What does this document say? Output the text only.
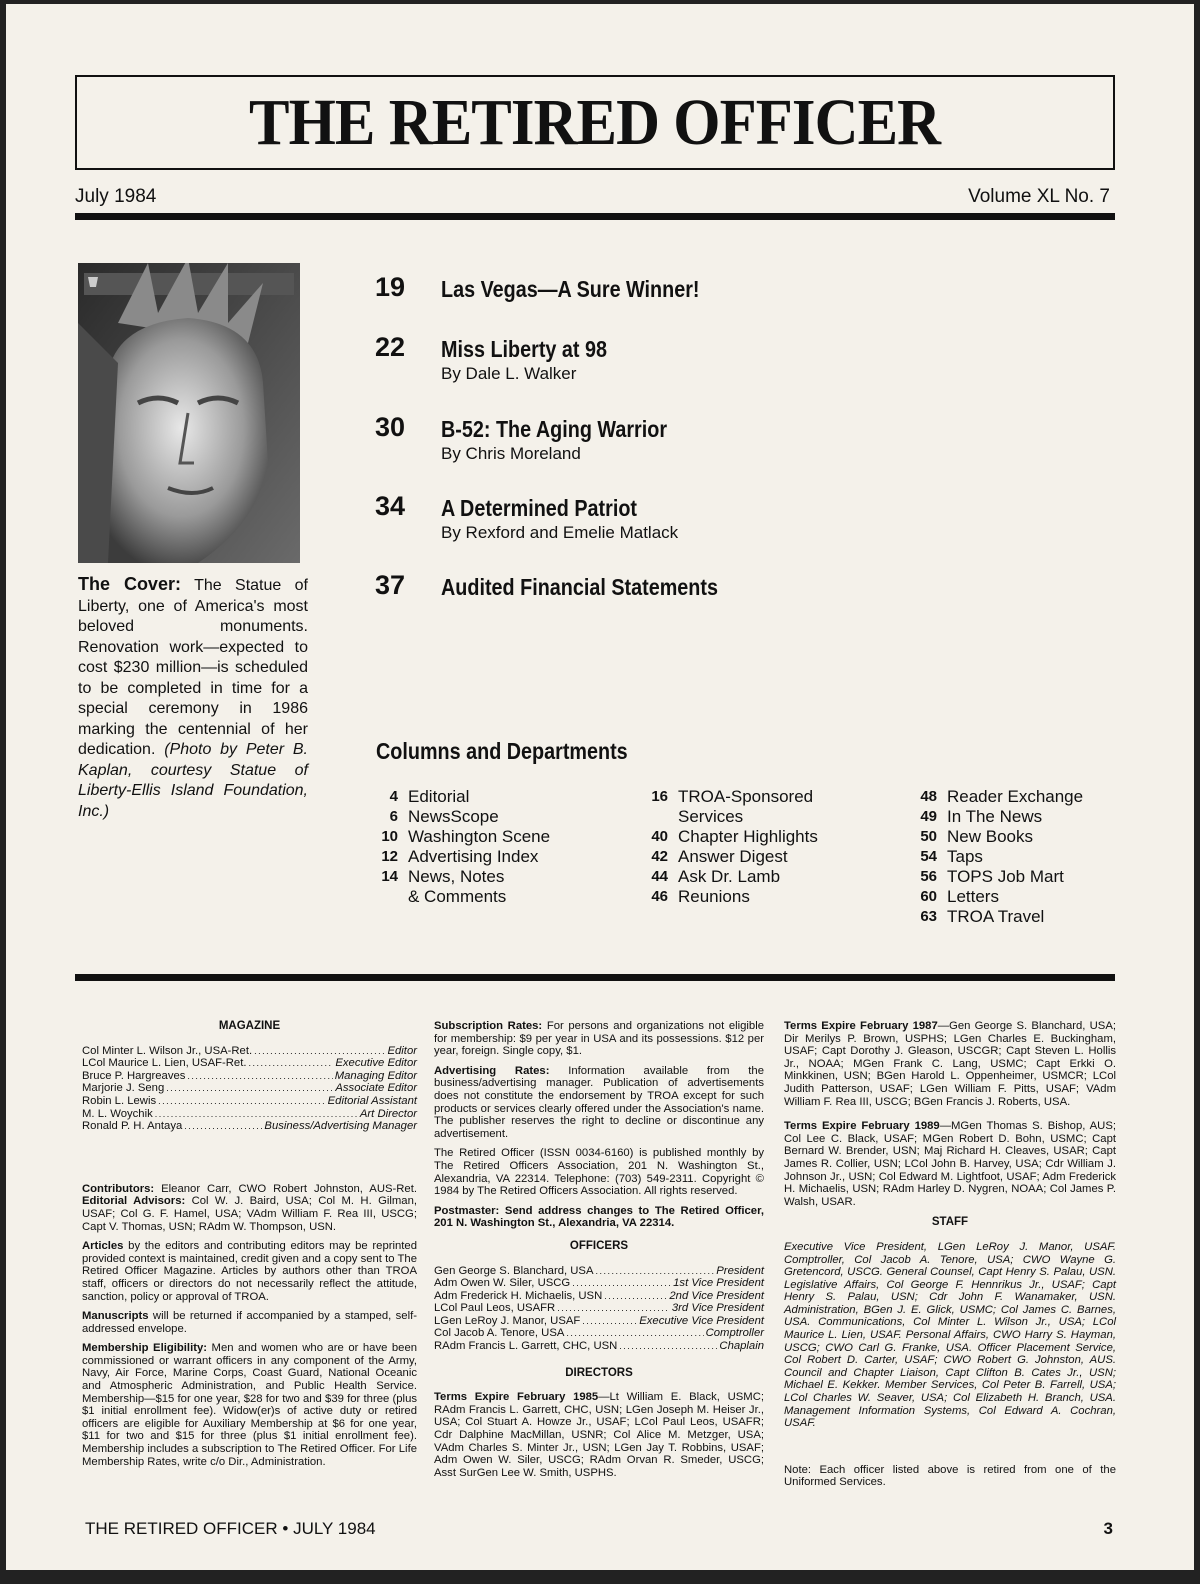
THE RETIRED OFFICER
July 1984	Volume XL No. 7
The Cover: The Statue of Liberty, one of America's most beloved monuments. Renovation work—expected to cost $230 million—is scheduled to be completed in time for a special ceremony in 1986 marking the centennial of her dedication. (Photo by Peter B. Kaplan, courtesy Statue of Liberty-Ellis Island Foundation, Inc.)
19	Las Vegas—A Sure Winner!
22	Miss Liberty at 98
By Dale L. Walker
30	B-52: The Aging Warrior
By Chris Moreland
34	A Determined Patriot
By Rexford and Emelie Matlack
37	Audited Financial Statements
Columns and Departments
4 Editorial
6 NewsScope
10 Washington Scene
12 Advertising Index
14 News, Notes & Comments
16 TROA-Sponsored Services
40 Chapter Highlights
42 Answer Digest
44 Ask Dr. Lamb
46 Reunions
48 Reader Exchange
49 In The News
50 New Books
54 Taps
56 TOPS Job Mart
60 Letters
63 TROA Travel
MAGAZINE
Col Minter L. Wilson Jr., USA-Ret. . . .	Editor
LCol Maurice L. Lien, USAF-Ret. . . .	Executive Editor
Bruce P. Hargreaves . . .	Managing Editor
Marjorie J. Seng . . .	Associate Editor
Robin L. Lewis . . .	Editorial Assistant
M. L. Woychik . . .	Art Director
Ronald P. H. Antaya . . .	Business/Advertising Manager

Contributors: Eleanor Carr, CWO Robert Johnston, AUS-Ret. Editorial Advisors: Col W. J. Baird, USA; Col M. H. Gilman, USAF; Col G. F. Hamel, USA; VAdm William F. Rea III, USCG; Capt V. Thomas, USN; RAdm W. Thompson, USN.

Articles by the editors and contributing editors may be reprinted provided context is maintained, credit given and a copy sent to The Retired Officer Magazine. Articles by authors other than TROA staff, officers or directors do not necessarily reflect the attitude, sanction, policy or approval of TROA.

Manuscripts will be returned if accompanied by a stamped, self-addressed envelope.

Membership Eligibility: Men and women who are or have been commissioned or warrant officers in any component of the Army, Navy, Air Force, Marine Corps, Coast Guard, National Oceanic and Atmospheric Administration, and Public Health Service. Membership—$15 for one year, $28 for two and $39 for three (plus $1 initial enrollment fee). Widow(er)s of active duty or retired officers are eligible for Auxiliary Membership at $6 for one year, $11 for two and $15 for three (plus $1 initial enrollment fee). Membership includes a subscription to The Retired Officer. For Life Membership Rates, write c/o Dir., Administration.

Subscription Rates: For persons and organizations not eligible for membership: $9 per year in USA and its possessions. $12 per year, foreign. Single copy, $1.

Advertising Rates: Information available from the business/advertising manager. Publication of advertisements does not constitute the endorsement by TROA except for such products or services clearly offered under the Association's name. The publisher reserves the right to decline or discontinue any advertisement.

The Retired Officer (ISSN 0034-6160) is published monthly by The Retired Officers Association, 201 N. Washington St., Alexandria, VA 22314. Telephone: (703) 549-2311. Copyright © 1984 by The Retired Officers Association. All rights reserved.

Postmaster: Send address changes to The Retired Officer, 201 N. Washington St., Alexandria, VA 22314.

OFFICERS
Gen George S. Blanchard, USA . . .	President
Adm Owen W. Siler, USCG . . .	1st Vice President
Adm Frederick H. Michaelis, USN . . .	2nd Vice President
LCol Paul Leos, USAFR . . .	3rd Vice President
LGen LeRoy J. Manor, USAF . . .	Executive Vice President
Col Jacob A. Tenore, USA . . .	Comptroller
RAdm Francis L. Garrett, CHC, USN . . .	Chaplain
DIRECTORS

Terms Expire February 1985—Lt William E. Black, USMC; RAdm Francis L. Garrett, CHC, USN; LGen Joseph M. Heiser Jr., USA; Col Stuart A. Howze Jr., USAF; LCol Paul Leos, USAFR; Cdr Dalphine MacMillan, USNR; Col Alice M. Metzger, USA; VAdm Charles S. Minter Jr., USN; LGen Jay T. Robbins, USAF; Adm Owen W. Siler, USCG; RAdm Orvan R. Smeder, USCG; Asst SurGen Lee W. Smith, USPHS.

Terms Expire February 1987—Gen George S. Blanchard, USA; Dir Merilys P. Brown, USPHS; LGen Charles E. Buckingham, USAF; Capt Dorothy J. Gleason, USCGR; Capt Steven L. Hollis Jr., NOAA; MGen Frank C. Lang, USMC; Capt Erkki O. Minkkinen, USN; BGen Harold L. Oppenheimer, USMCR; LCol Judith Patterson, USAF; LGen William F. Pitts, USAF; VAdm William F. Rea III, USCG; BGen Francis J. Roberts, USA.

Terms Expire February 1989—MGen Thomas S. Bishop, AUS; Col Lee C. Black, USAF; MGen Robert D. Bohn, USMC; Capt Bernard W. Brender, USN; Maj Richard H. Cleaves, USAR; Capt James R. Collier, USN; LCol John B. Harvey, USA; Cdr William J. Johnson Jr., USN; Col Edward M. Lightfoot, USAF; Adm Frederick H. Michaelis, USN; RAdm Harley D. Nygren, NOAA; Col James P. Walsh, USAR.

STAFF

Executive Vice President, LGen LeRoy J. Manor, USAF. Comptroller, Col Jacob A. Tenore, USA; CWO Wayne G. Gretencord, USCG. General Counsel, Capt Henry S. Palau, USN. Legislative Affairs, Col George F. Hennrikus Jr., USAF; Capt Henry S. Palau, USN; Cdr John F. Wanamaker, USN. Administration, BGen J. E. Glick, USMC; Col James C. Barnes, USA. Communications, Col Minter L. Wilson Jr., USA; LCol Maurice L. Lien, USAF. Personal Affairs, CWO Harry S. Hayman, USCG; CWO Carl G. Franke, USA. Officer Placement Service, Col Robert D. Carter, USAF; CWO Robert G. Johnston, AUS. Council and Chapter Liaison, Capt Clifton B. Cates Jr., USN; Michael E. Kekker. Member Services, Col Peter B. Farrell, USA; LCol Charles W. Seaver, USA; Col Elizabeth H. Branch, USA. Management Information Systems, Col Edward A. Cochran, USAF.

Note: Each officer listed above is retired from one of the Uniformed Services.

THE RETIRED OFFICER • JULY 1984	3
